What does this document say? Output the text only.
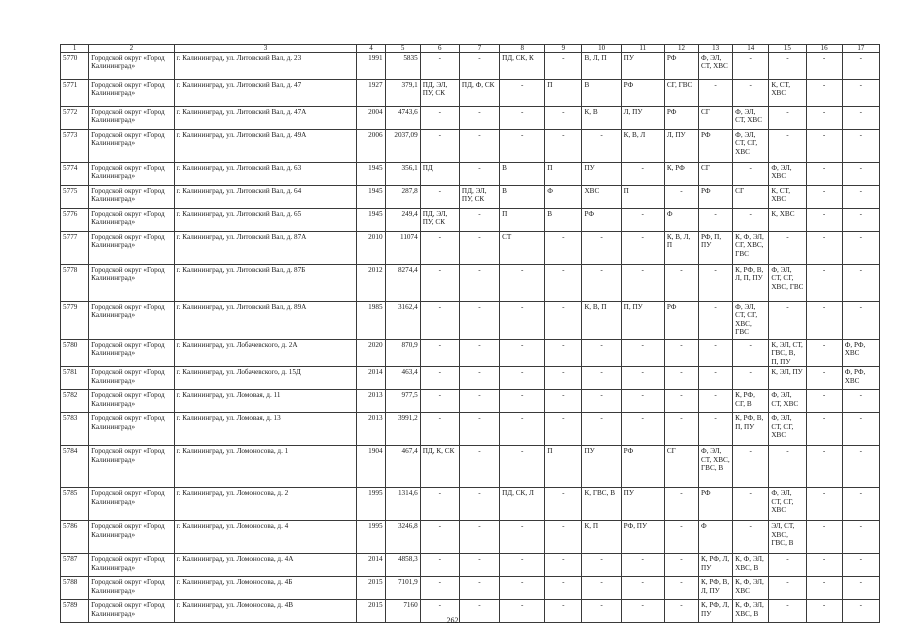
1	2	3	4	5	6	7	8	9	10	11	12	13	14	15	16	17
5770	Городской округ «Город Калининград»	г. Калининград, ул. Литовский Вал, д. 23	1991	5835	-	-	ПД, СК, К	-	В, Л, П	ПУ	РФ	Ф, ЭЛ, СТ, ХВС	-	-	-	-
5771	Городской округ «Город Калининград»	г. Калининград, ул. Литовский Вал, д. 47	1927	379,1	ПД, ЭЛ, ПУ, СК	ПД, Ф, СК	-	П	В	РФ	СГ, ГВС	-	-	К, СТ, ХВС	-	-
5772	Городской округ «Город Калининград»	г. Калининград, ул. Литовский Вал, д. 47А	2004	4743,6	-	-	-	-	К, В	Л, ПУ	РФ	СГ	Ф, ЭЛ, СТ, ХВС	-	-	-
5773	Городской округ «Город Калининград»	г. Калининград, ул. Литовский Вал, д. 49А	2006	2037,09	-	-	-	-	-	К, В, Л	Л, ПУ	РФ	Ф, ЭЛ, СТ, СГ, ХВС	-	-	-
5774	Городской округ «Город Калининград»	г. Калининград, ул. Литовский Вал, д. 63	1945	356,1	ПД	-	В	П	ПУ	-	К, РФ	СГ	-	Ф, ЭЛ, ХВС	-	-
5775	Городской округ «Город Калининград»	г. Калининград, ул. Литовский Вал, д. 64	1945	287,8	-	ПД, ЭЛ, ПУ, СК	В	Ф	ХВС	П	-	РФ	СГ	К, СТ, ХВС	-	-
5776	Городской округ «Город Калининград»	г. Калининград, ул. Литовский Вал, д. 65	1945	249,4	ПД, ЭЛ, ПУ, СК	-	П	В	РФ	-	Ф	-	-	К, ХВС	-	-
5777	Городской округ «Город Калининград»	г. Калининград, ул. Литовский Вал, д. 87А	2010	11074	-	-	СТ	-	-	-	К, В, Л, П	РФ, П, ПУ	К, Ф, ЭЛ, СГ, ХВС, ГВС	-	-	-
5778	Городской округ «Город Калининград»	г. Калининград, ул. Литовский Вал, д. 87Б	2012	8274,4	-	-	-	-	-	-	-	-	К, РФ, В, Л, П, ПУ	Ф, ЭЛ, СТ, СГ, ХВС, ГВС	-	-
5779	Городской округ «Город Калининград»	г. Калининград, ул. Литовский Вал, д. 89А	1985	3162,4	-	-	-	-	К, В, П	П, ПУ	РФ	-	Ф, ЭЛ, СТ, СГ, ХВС, ГВС	-	-	-
5780	Городской округ «Город Калининград»	г. Калининград, ул. Лобачевского, д. 2А	2020	870,9	-	-	-	-	-	-	-	-	-	К, ЭЛ, СТ, ГВС, В, П, ПУ	-	Ф, РФ, ХВС
5781	Городской округ «Город Калининград»	г. Калининград, ул. Лобачевского, д. 15Д	2014	463,4	-	-	-	-	-	-	-	-	-	К, ЭЛ, ПУ	-	Ф, РФ, ХВС
5782	Городской округ «Город Калининград»	г. Калининград, ул. Ломовая, д. 11	2013	977,5	-	-	-	-	-	-	-	-	К, РФ, СГ, В	Ф, ЭЛ, СТ, ХВС	-	-
5783	Городской округ «Город Калининград»	г. Калининград, ул. Ломовая, д. 13	2013	3991,2	-	-	-	-	-	-	-	-	К, РФ, В, П, ПУ	Ф, ЭЛ, СТ, СГ, ХВС	-	-
5784	Городской округ «Город Калининград»	г. Калининград, ул. Ломоносова, д. 1	1904	467,4	ПД, К, СК	-	-	П	ПУ	РФ	СГ	Ф, ЭЛ, СТ, ХВС, ГВС, В	-	-	-	-
5785	Городской округ «Город Калининград»	г. Калининград, ул. Ломоносова, д. 2	1995	1314,6	-	-	ПД, СК, Л	-	К, ГВС, В	ПУ	-	РФ	-	Ф, ЭЛ, СТ, СГ, ХВС	-	-
5786	Городской округ «Город Калининград»	г. Калининград, ул. Ломоносова, д. 4	1995	3246,8	-	-	-	-	К, П	РФ, ПУ	-	Ф	-	ЭЛ, СТ, ХВС, ГВС, В	-	-
5787	Городской округ «Город Калининград»	г. Калининград, ул. Ломоносова, д. 4А	2014	4858,3	-	-	-	-	-	-	-	К, РФ, Л, ПУ	К, Ф, ЭЛ, ХВС, В	-	-	-
5788	Городской округ «Город Калининград»	г. Калининград, ул. Ломоносова, д. 4Б	2015	7101,9	-	-	-	-	-	-	-	К, РФ, В, Л, ПУ	К, Ф, ЭЛ, ХВС	-	-	-
5789	Городской округ «Город Калининград»	г. Калининград, ул. Ломоносова, д. 4В	2015	7160	-	-	-	-	-	-	-	К, РФ, Л, ПУ	К, Ф, ЭЛ, ХВС, В	-	-	-
262
